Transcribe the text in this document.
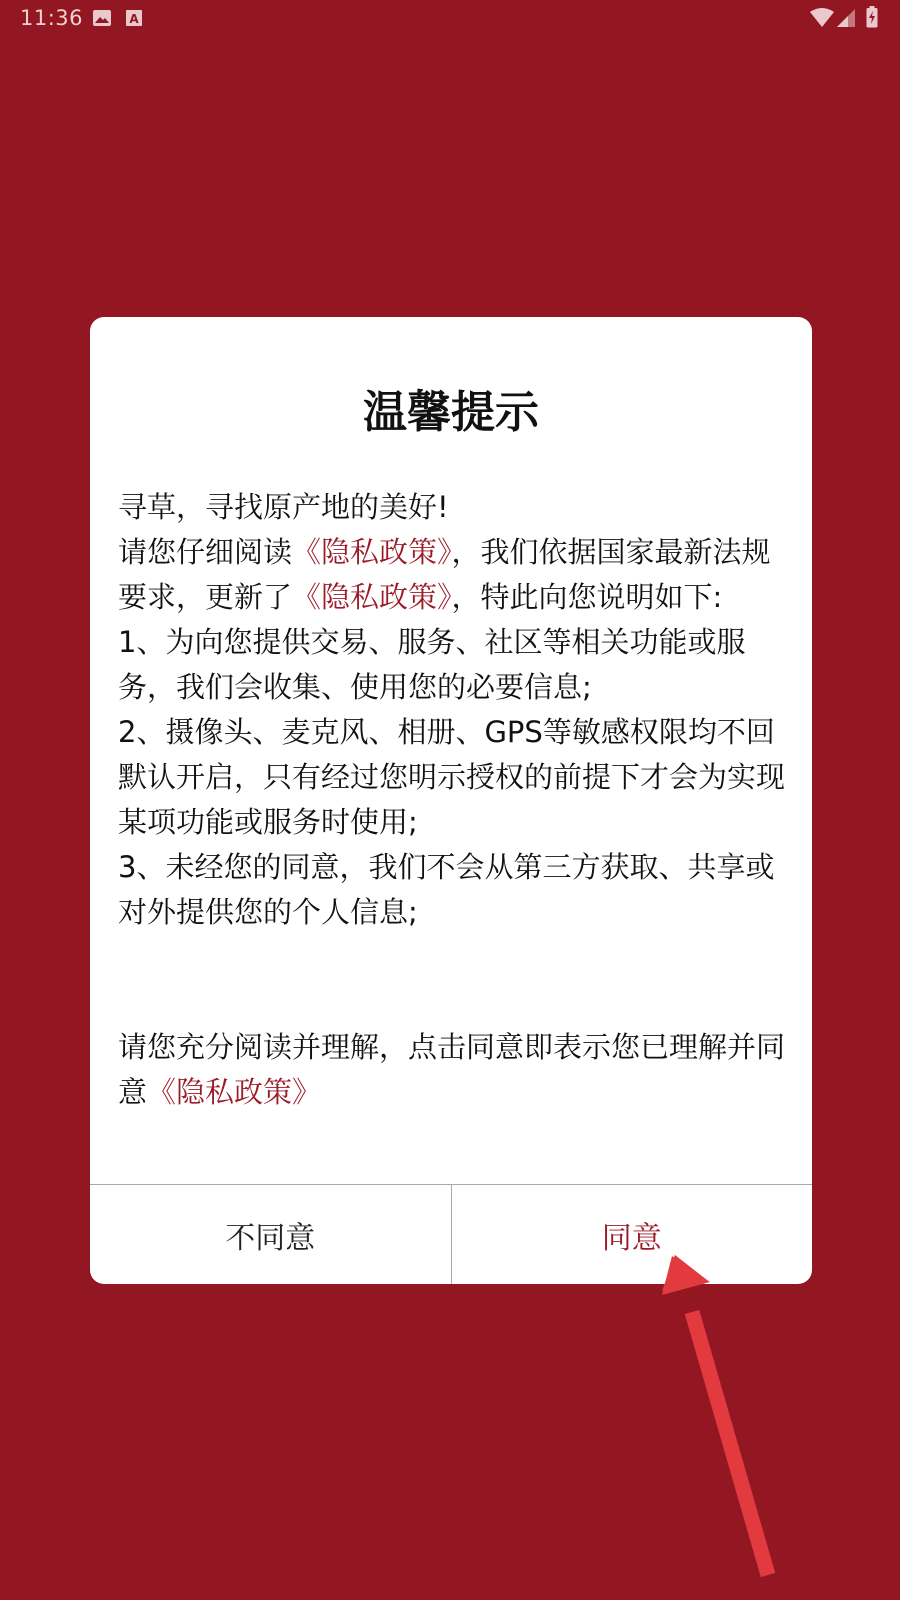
11:36	A
温馨提示

寻草，寻找原产地的美好!

请您仔细阅读《隐私政策》，我们依据国家最新法规要求，更新了《隐私政策》，特此向您说明如下:

1、为向您提供交易、服务、社区等相关功能或服务，我们会收集、使用您的必要信息;

2、摄像头、麦克风、相册、GPS等敏感权限均不回默认开启，只有经过您明示授权的前提下才会为实现某项功能或服务时使用;

3、未经您的同意，我们不会从第三方获取、共享或对外提供您的个人信息;

请您充分阅读并理解，点击同意即表示您已理解并同意《隐私政策》

不同意	同意
